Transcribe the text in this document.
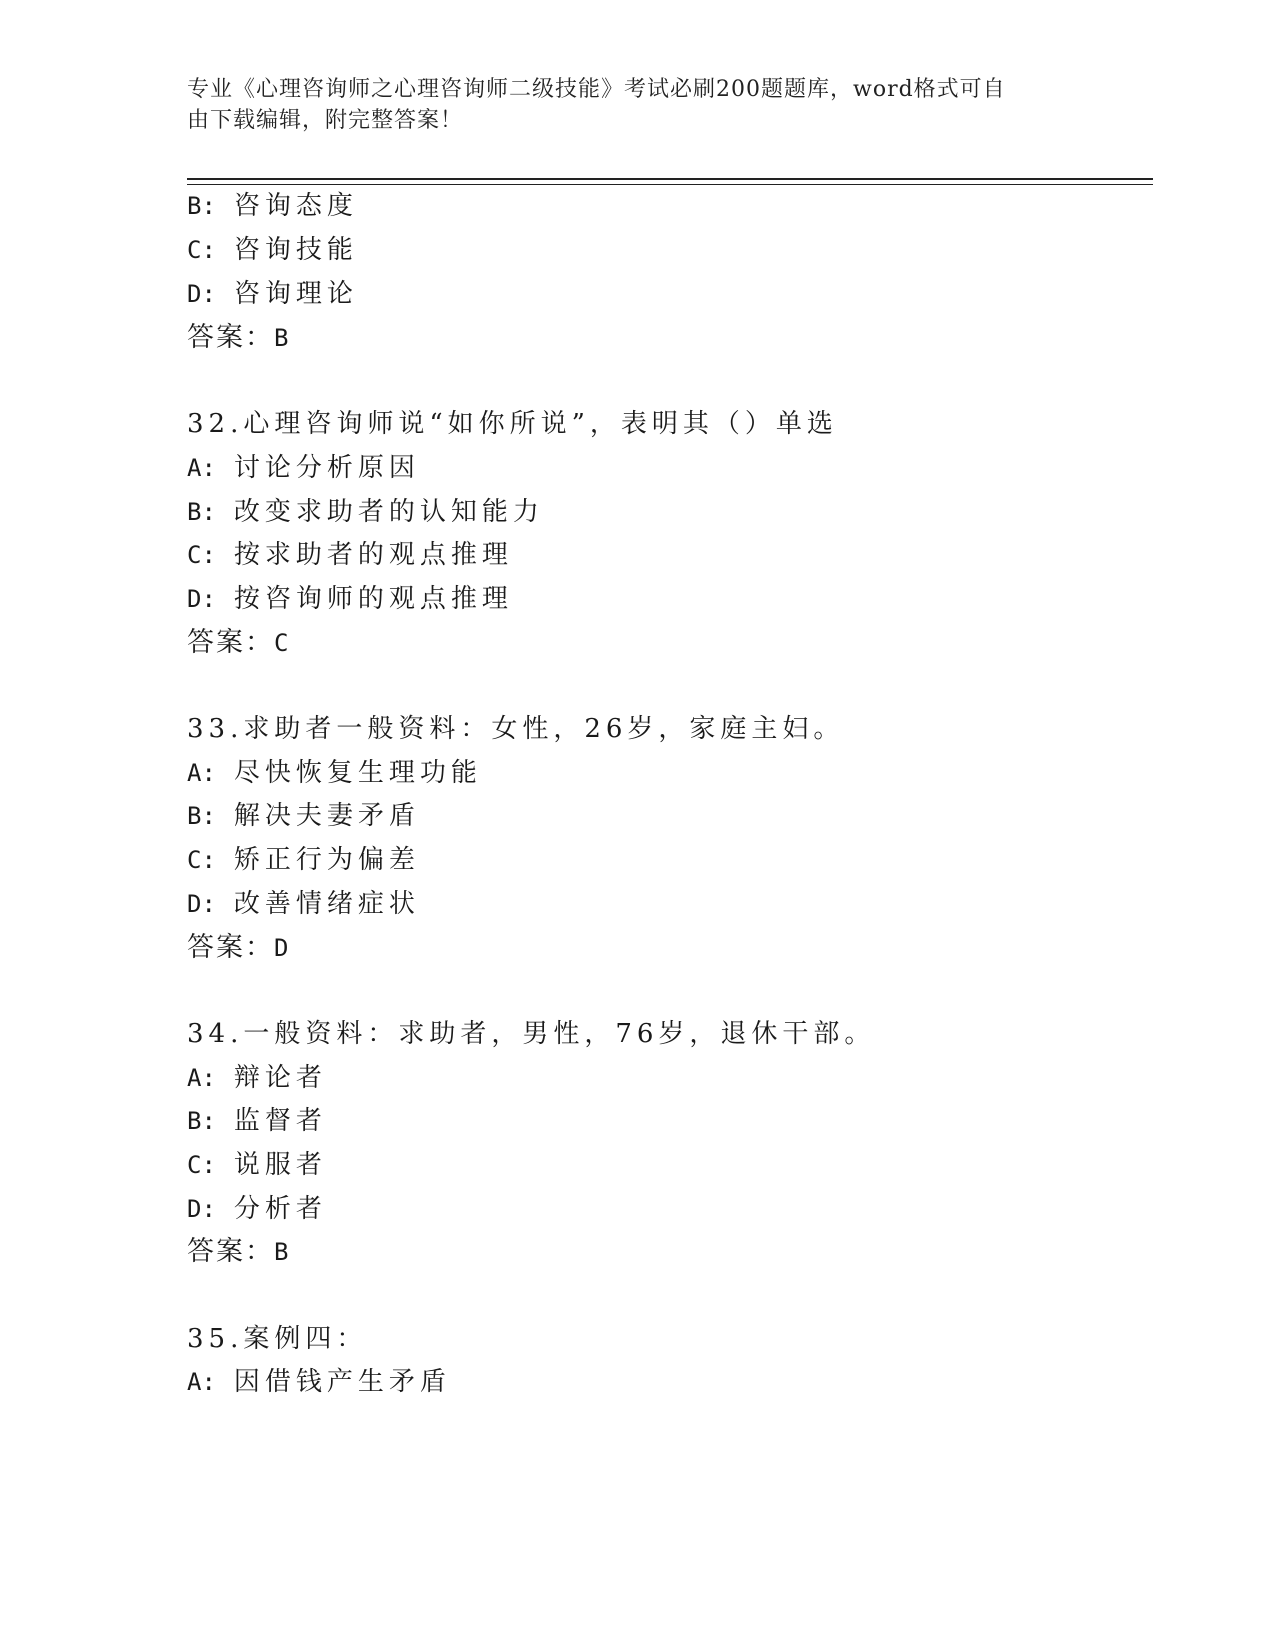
专业《心理咨询师之心理咨询师二级技能》考试必刷200题题库，word格式可自

由下载编辑，附完整答案！

B: 咨询态度
C: 咨询技能
D: 咨询理论
答案：B
32.心理咨询师说“如你所说”，表明其（）单选
A: 讨论分析原因
B: 改变求助者的认知能力
C: 按求助者的观点推理
D: 按咨询师的观点推理
答案：C
33.求助者一般资料：女性，26岁，家庭主妇。
A: 尽快恢复生理功能
B: 解决夫妻矛盾
C: 矫正行为偏差
D: 改善情绪症状
答案：D
34.一般资料：求助者，男性，76岁，退休干部。
A: 辩论者
B: 监督者
C: 说服者
D: 分析者
答案：B
35.案例四：
A: 因借钱产生矛盾
